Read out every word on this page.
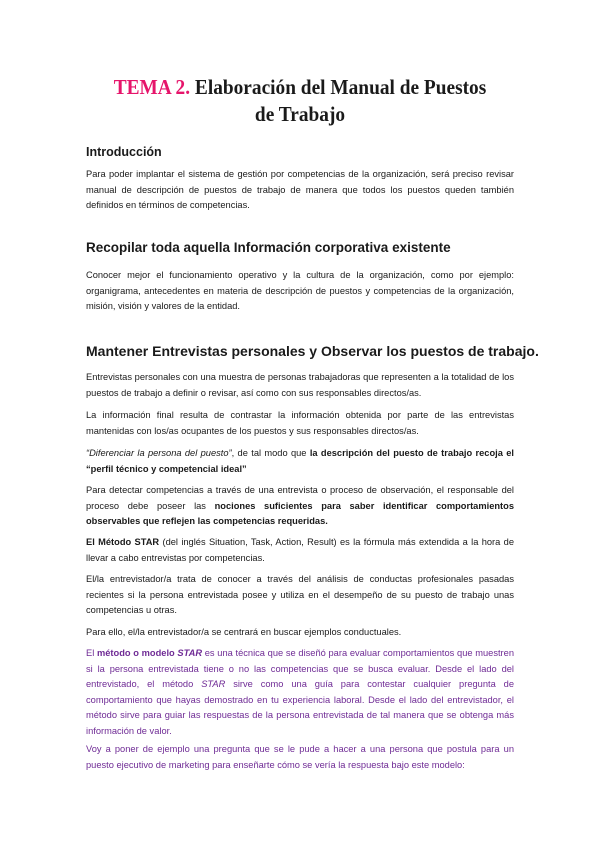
TEMA 2. Elaboración del Manual de Puestos
de Trabajo
Introducción

Para poder implantar el sistema de gestión por competencias de la organización, será preciso revisar manual de descripción de puestos de trabajo de manera que todos los puestos queden también definidos en términos de competencias.

Recopilar toda aquella Información corporativa existente

Conocer mejor el funcionamiento operativo y la cultura de la organización, como por ejemplo: organigrama, antecedentes en materia de descripción de puestos y competencias de la organización, misión, visión y valores de la entidad.

Mantener Entrevistas personales y Observar los puestos de trabajo.

Entrevistas personales con una muestra de personas trabajadoras que representen a la totalidad de los puestos de trabajo a definir o revisar, así como con sus responsables directos/as.

La información final resulta de contrastar la información obtenida por parte de las entrevistas mantenidas con los/as ocupantes de los puestos y sus responsables directos/as.

“Diferenciar la persona del puesto”, de tal modo que la descripción del puesto de trabajo recoja el “perfil técnico y competencial ideal”

Para detectar competencias a través de una entrevista o proceso de observación, el responsable del proceso debe poseer las nociones suficientes para saber identificar comportamientos observables que reflejen las competencias requeridas.

El Método STAR (del inglés Situation, Task, Action, Result) es la fórmula más extendida a la hora de llevar a cabo entrevistas por competencias.

El/la entrevistador/a trata de conocer a través del análisis de conductas profesionales pasadas recientes si la persona entrevistada posee y utiliza en el desempeño de su puesto de trabajo unas competencias u otras.

Para ello, el/la entrevistador/a se centrará en buscar ejemplos conductuales.

El método o modelo STAR es una técnica que se diseñó para evaluar comportamientos que muestren si la persona entrevistada tiene o no las competencias que se busca evaluar. Desde el lado del entrevistado, el método STAR sirve como una guía para contestar cualquier pregunta de comportamiento que hayas demostrado en tu experiencia laboral. Desde el lado del entrevistador, el método sirve para guiar las respuestas de la persona entrevistada de tal manera que se obtenga más información de valor.

Voy a poner de ejemplo una pregunta que se le pude a hacer a una persona que postula para un puesto ejecutivo de marketing para enseñarte cómo se vería la respuesta bajo este modelo:
